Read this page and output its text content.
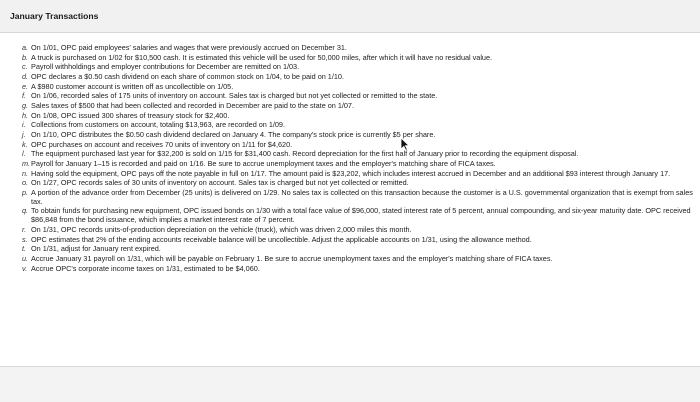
January Transactions
a. On 1/01, OPC paid employees' salaries and wages that were previously accrued on December 31.
b. A truck is purchased on 1/02 for $10,500 cash. It is estimated this vehicle will be used for 50,000 miles, after which it will have no residual value.
c. Payroll withholdings and employer contributions for December are remitted on 1/03.
d. OPC declares a $0.50 cash dividend on each share of common stock on 1/04, to be paid on 1/10.
e. A $980 customer account is written off as uncollectible on 1/05.
f. On 1/06, recorded sales of 175 units of inventory on account. Sales tax is charged but not yet collected or remitted to the state.
g. Sales taxes of $500 that had been collected and recorded in December are paid to the state on 1/07.
h. On 1/08, OPC issued 300 shares of treasury stock for $2,400.
i. Collections from customers on account, totaling $13,963, are recorded on 1/09.
j. On 1/10, OPC distributes the $0.50 cash dividend declared on January 4. The company's stock price is currently $5 per share.
k. OPC purchases on account and receives 70 units of inventory on 1/11 for $4,620.
l. The equipment purchased last year for $32,200 is sold on 1/15 for $31,400 cash. Record depreciation for the first half of January prior to recording the equipment disposal.
m.Payroll for January 1–15 is recorded and paid on 1/16. Be sure to accrue unemployment taxes and the employer's matching share of FICA taxes.
n. Having sold the equipment, OPC pays off the note payable in full on 1/17. The amount paid is $23,202, which includes interest accrued in December and an additional $93 interest through January 17.
o. On 1/27, OPC records sales of 30 units of inventory on account. Sales tax is charged but not yet collected or remitted.
p. A portion of the advance order from December (25 units) is delivered on 1/29. No sales tax is collected on this transaction because the customer is a U.S. governmental organization that is exempt from sales tax.
q. To obtain funds for purchasing new equipment, OPC issued bonds on 1/30 with a total face value of $96,000, stated interest rate of 5 percent, annual compounding, and six-year maturity date. OPC received $86,848 from the bond issuance, which implies a market interest rate of 7 percent.
r. On 1/31, OPC records units-of-production depreciation on the vehicle (truck), which was driven 2,000 miles this month.
s. OPC estimates that 2% of the ending accounts receivable balance will be uncollectible. Adjust the applicable accounts on 1/31, using the allowance method.
t. On 1/31, adjust for January rent expired.
u. Accrue January 31 payroll on 1/31, which will be payable on February 1. Be sure to accrue unemployment taxes and the employer's matching share of FICA taxes.
v. Accrue OPC's corporate income taxes on 1/31, estimated to be $4,060.
